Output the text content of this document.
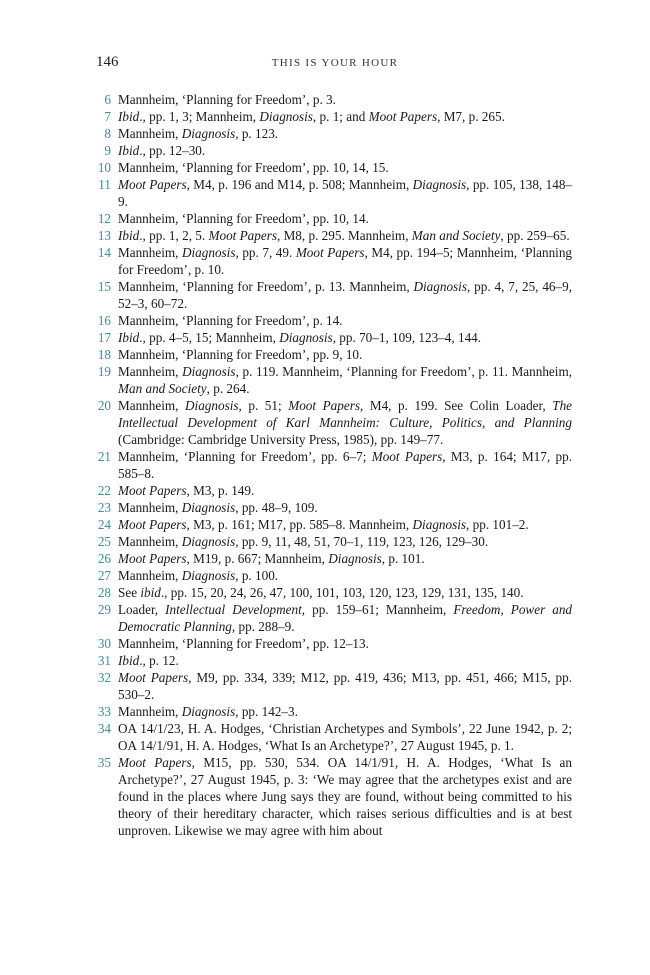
146	THIS IS YOUR HOUR
6 Mannheim, ‘Planning for Freedom’, p. 3.
7 Ibid., pp. 1, 3; Mannheim, Diagnosis, p. 1; and Moot Papers, M7, p. 265.
8 Mannheim, Diagnosis, p. 123.
9 Ibid., pp. 12–30.
10 Mannheim, ‘Planning for Freedom’, pp. 10, 14, 15.
11 Moot Papers, M4, p. 196 and M14, p. 508; Mannheim, Diagnosis, pp. 105, 138, 148–9.
12 Mannheim, ‘Planning for Freedom’, pp. 10, 14.
13 Ibid., pp. 1, 2, 5. Moot Papers, M8, p. 295. Mannheim, Man and Society, pp. 259–65.
14 Mannheim, Diagnosis, pp. 7, 49. Moot Papers, M4, pp. 194–5; Mannheim, ‘Planning for Freedom’, p. 10.
15 Mannheim, ‘Planning for Freedom’, p. 13. Mannheim, Diagnosis, pp. 4, 7, 25, 46–9, 52–3, 60–72.
16 Mannheim, ‘Planning for Freedom’, p. 14.
17 Ibid., pp. 4–5, 15; Mannheim, Diagnosis, pp. 70–1, 109, 123–4, 144.
18 Mannheim, ‘Planning for Freedom’, pp. 9, 10.
19 Mannheim, Diagnosis, p. 119. Mannheim, ‘Planning for Freedom’, p. 11. Mannheim, Man and Society, p. 264.
20 Mannheim, Diagnosis, p. 51; Moot Papers, M4, p. 199. See Colin Loader, The Intellectual Development of Karl Mannheim: Culture, Politics, and Planning (Cambridge: Cambridge University Press, 1985), pp. 149–77.
21 Mannheim, ‘Planning for Freedom’, pp. 6–7; Moot Papers, M3, p. 164; M17, pp. 585–8.
22 Moot Papers, M3, p. 149.
23 Mannheim, Diagnosis, pp. 48–9, 109.
24 Moot Papers, M3, p. 161; M17, pp. 585–8. Mannheim, Diagnosis, pp. 101–2.
25 Mannheim, Diagnosis, pp. 9, 11, 48, 51, 70–1, 119, 123, 126, 129–30.
26 Moot Papers, M19, p. 667; Mannheim, Diagnosis, p. 101.
27 Mannheim, Diagnosis, p. 100.
28 See ibid., pp. 15, 20, 24, 26, 47, 100, 101, 103, 120, 123, 129, 131, 135, 140.
29 Loader, Intellectual Development, pp. 159–61; Mannheim, Freedom, Power and Democratic Planning, pp. 288–9.
30 Mannheim, ‘Planning for Freedom’, pp. 12–13.
31 Ibid., p. 12.
32 Moot Papers, M9, pp. 334, 339; M12, pp. 419, 436; M13, pp. 451, 466; M15, pp. 530–2.
33 Mannheim, Diagnosis, pp. 142–3.
34 OA 14/1/23, H. A. Hodges, ‘Christian Archetypes and Symbols’, 22 June 1942, p. 2; OA 14/1/91, H. A. Hodges, ‘What Is an Archetype?’, 27 August 1945, p. 1.
35 Moot Papers, M15, pp. 530, 534. OA 14/1/91, H. A. Hodges, ‘What Is an Archetype?’, 27 August 1945, p. 3: ‘We may agree that the archetypes exist and are found in the places where Jung says they are found, without being committed to his theory of their hereditary character, which raises serious difficulties and is at best unproven. Likewise we may agree with him about
